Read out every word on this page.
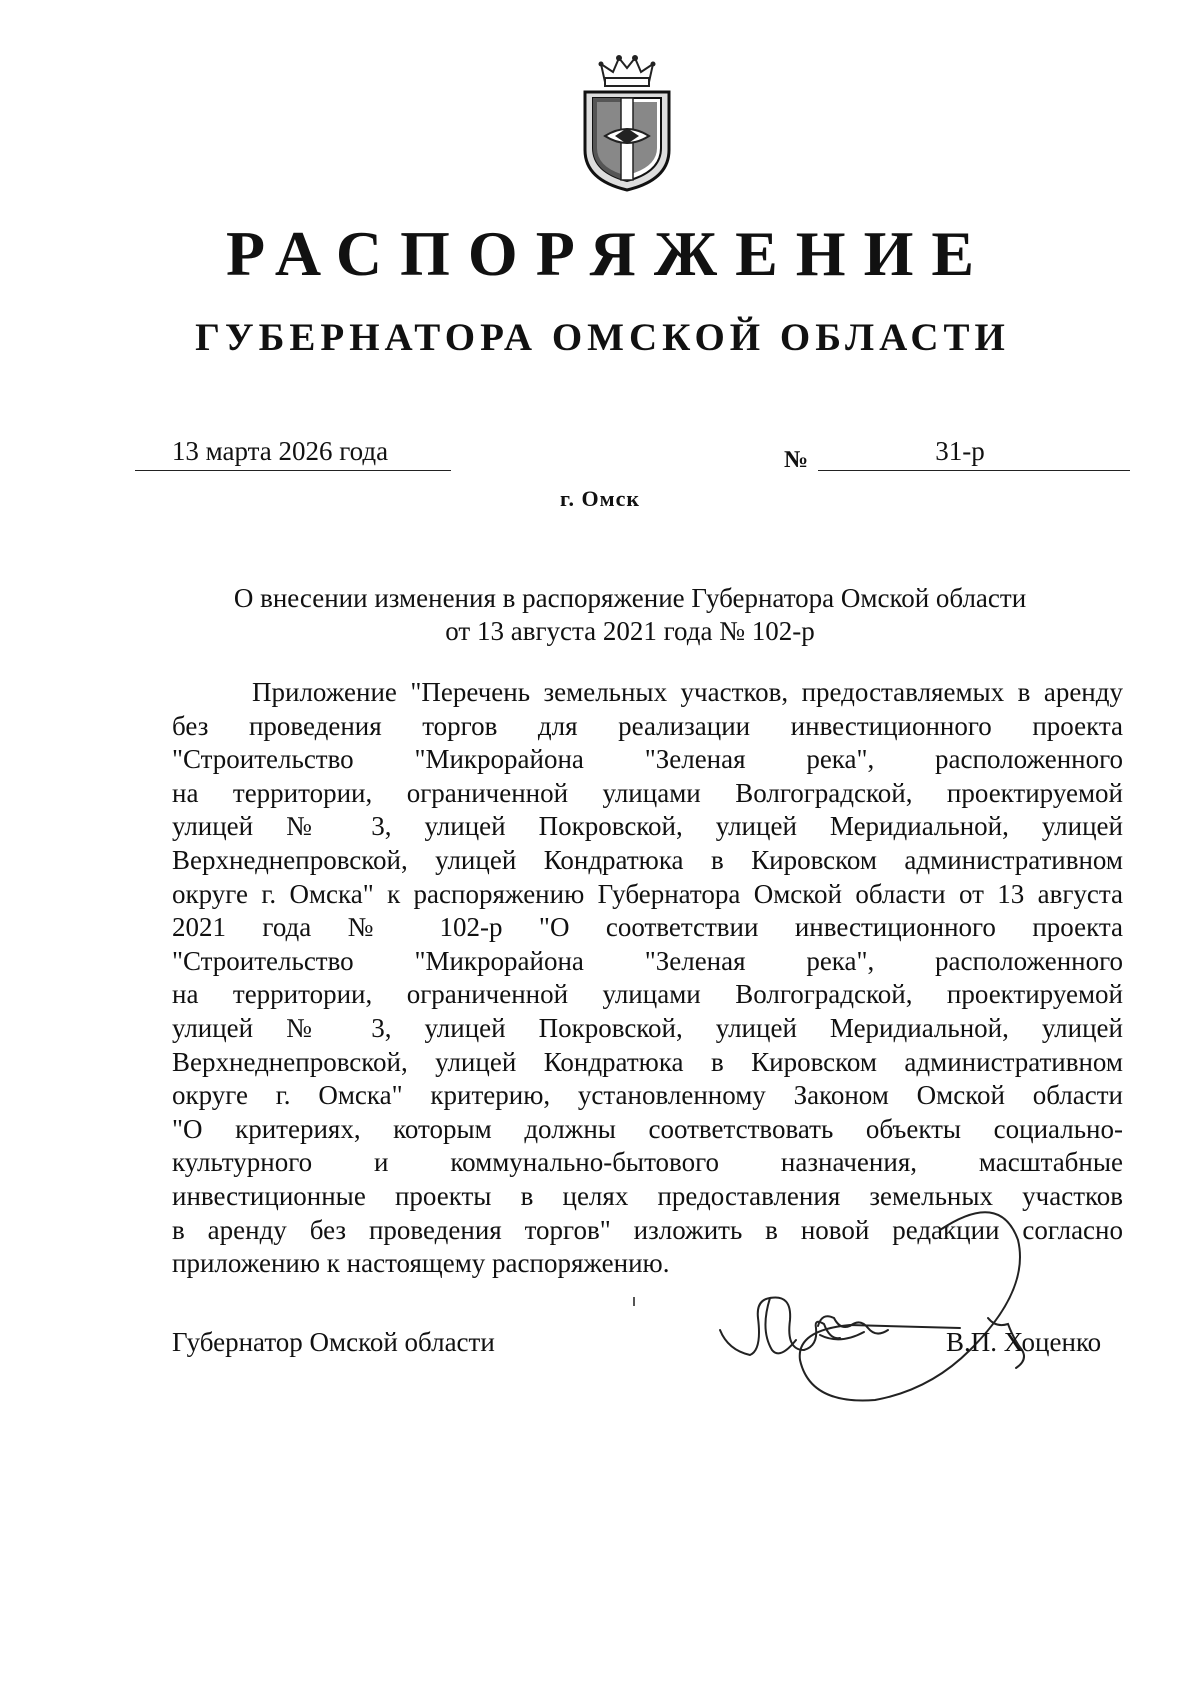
РАСПОРЯЖЕНИЕ
ГУБЕРНАТОРА ОМСКОЙ ОБЛАСТИ
13 марта 2026 года	№	31-р
г. Омск
О внесении изменения в распоряжение Губернатора Омской области
от 13 августа 2021 года № 102-р
Приложение "Перечень земельных участков, предоставляемых в аренду
без проведения торгов для реализации инвестиционного проекта
"Строительство "Микрорайона "Зеленая река", расположенного
на территории, ограниченной улицами Волгоградской, проектируемой
улицей № 3, улицей Покровской, улицей Меридиальной, улицей
Верхнеднепровской, улицей Кондратюка в Кировском административном
округе г. Омска" к распоряжению Губернатора Омской области от 13 августа
2021 года № 102-р "О соответствии инвестиционного проекта
"Строительство "Микрорайона "Зеленая река", расположенного
на территории, ограниченной улицами Волгоградской, проектируемой
улицей № 3, улицей Покровской, улицей Меридиальной, улицей
Верхнеднепровской, улицей Кондратюка в Кировском административном
округе г. Омска" критерию, установленному Законом Омской области
"О критериях, которым должны соответствовать объекты социально-
культурного и коммунально-бытового назначения, масштабные
инвестиционные проекты в целях предоставления земельных участков
в аренду без проведения торгов" изложить в новой редакции согласно
приложению к настоящему распоряжению.
Губернатор Омской области	В.П. Хоценко
